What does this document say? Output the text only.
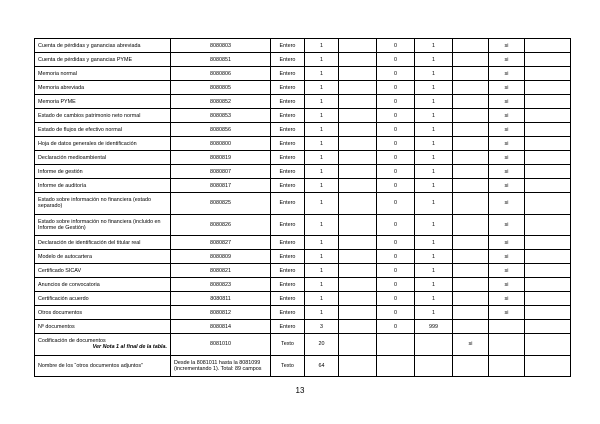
Cuenta de pérdidas y ganancias abreviada	8080803	Entero	1		0	1		si	
Cuenta de pérdidas y ganancias PYME	8080851	Entero	1		0	1		si	
Memoria normal	8080806	Entero	1		0	1		si	
Memoria abreviada	8080805	Entero	1		0	1		si	
Memoria PYME	8080852	Entero	1		0	1		si	
Estado de cambios patrimonio neto normal	8080853	Entero	1		0	1		si	
Estado de flujos de efectivo normal	8080856	Entero	1		0	1		si	
Hoja de datos generales de identificación	8080800	Entero	1		0	1		si	
Declaración medioambiental	8080819	Entero	1		0	1		si	
Informe de gestión	8080807	Entero	1		0	1		si	
Informe de auditoría	8080817	Entero	1		0	1		si	
Estado sobre información no financiera (estado separado)	8080825	Entero	1		0	1		si	
Estado sobre información no financiera (incluido en Informe de Gestión)	8080826	Entero	1		0	1		si	
Declaración de identificación del titular real	8080827	Entero	1		0	1		si	
Modelo de autocartera	8080809	Entero	1		0	1		si	
Certificado SICAV	8080821	Entero	1		0	1		si	
Anuncios de convocatoria	8080823	Entero	1		0	1		si	
Certificación acuerdo	8080811	Entero	1		0	1		si	
Otros documentos	8080812	Entero	1		0	1		si	
Nº documentos	8080814	Entero	3		0	999			
Codificación de documentos
Ver Nota 1 al final de la tabla.	8081010	Texto	20				si		
Nombre de los “otros documentos adjuntos”	Desde la 8081011 hasta la 8081099 (incrementando 1). Total: 89 campos	Texto	64						
13
